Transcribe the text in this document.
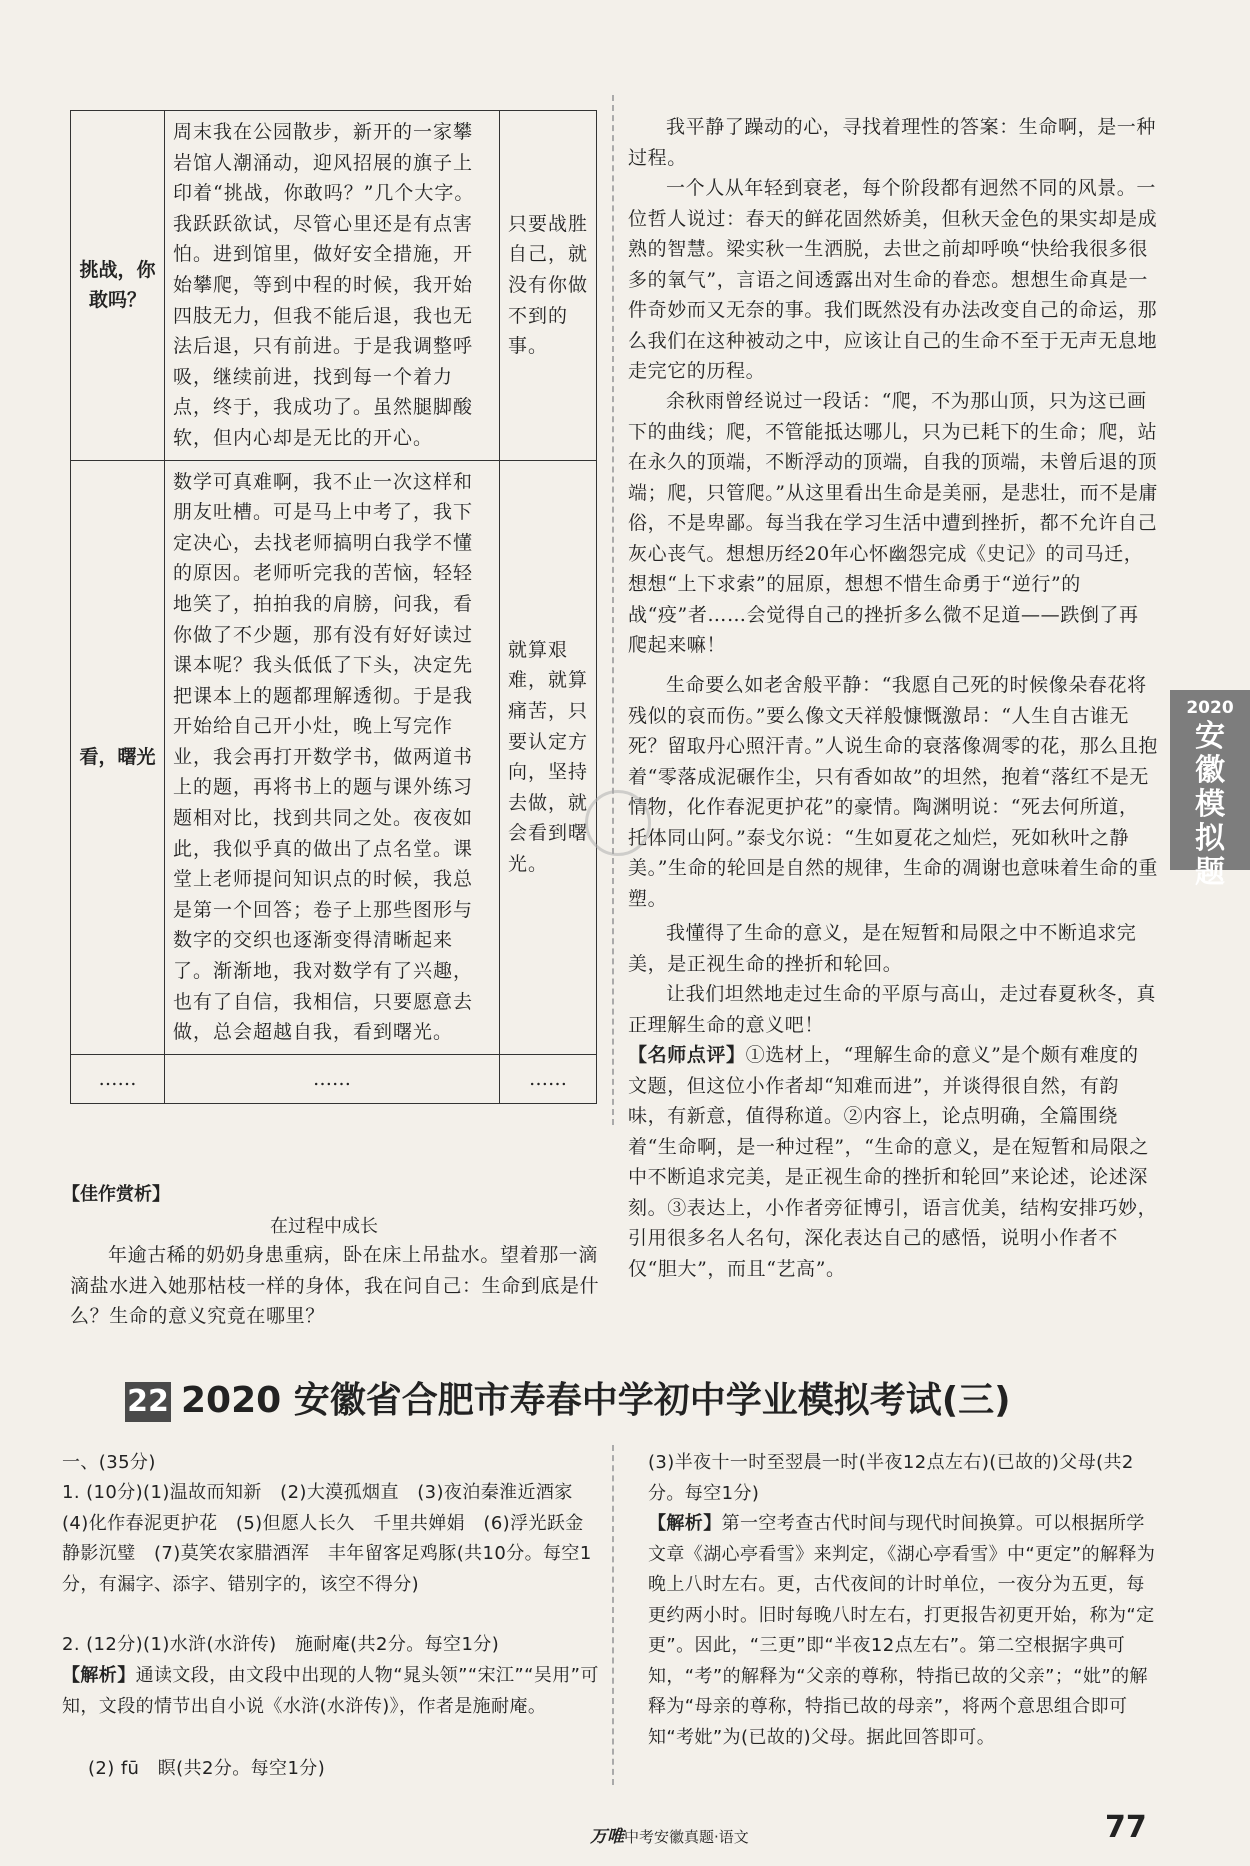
挑战，你敢吗？	周末我在公园散步，新开的一家攀岩馆人潮涌动，迎风招展的旗子上印着“挑战，你敢吗？”几个大字。我跃跃欲试，尽管心里还是有点害怕。进到馆里，做好安全措施，开始攀爬，等到中程的时候，我开始四肢无力，但我不能后退，我也无法后退，只有前进。于是我调整呼吸，继续前进，找到每一个着力点，终于，我成功了。虽然腿脚酸软，但内心却是无比的开心。	只要战胜自己，就没有你做不到的事。
看，曙光	数学可真难啊，我不止一次这样和朋友吐槽。可是马上中考了，我下定决心，去找老师搞明白我学不懂的原因。老师听完我的苦恼，轻轻地笑了，拍拍我的肩膀，问我，看你做了不少题，那有没有好好读过课本呢？我头低低了下头，决定先把课本上的题都理解透彻。于是我开始给自己开小灶，晚上写完作业，我会再打开数学书，做两道书上的题，再将书上的题与课外练习题相对比，找到共同之处。夜夜如此，我似乎真的做出了点名堂。课堂上老师提问知识点的时候，我总是第一个回答；卷子上那些图形与数字的交织也逐渐变得清晰起来了。渐渐地，我对数学有了兴趣，也有了自信，我相信，只要愿意去做，总会超越自我，看到曙光。	就算艰难，就算痛苦，只要认定方向，坚持去做，就会看到曙光。
……	……	……
【佳作赏析】
在过程中成长

年逾古稀的奶奶身患重病，卧在床上吊盐水。望着那一滴滴盐水进入她那枯枝一样的身体，我在问自己：生命到底是什么？生命的意义究竟在哪里？

我平静了躁动的心，寻找着理性的答案：生命啊，是一种过程。

一个人从年轻到衰老，每个阶段都有迥然不同的风景。一位哲人说过：春天的鲜花固然娇美，但秋天金色的果实却是成熟的智慧。梁实秋一生洒脱，去世之前却呼唤“快给我很多很多的氧气”，言语之间透露出对生命的眷恋。想想生命真是一件奇妙而又无奈的事。我们既然没有办法改变自己的命运，那么我们在这种被动之中，应该让自己的生命不至于无声无息地走完它的历程。

余秋雨曾经说过一段话：“爬，不为那山顶，只为这已画下的曲线；爬，不管能抵达哪儿，只为已耗下的生命；爬，站在永久的顶端，不断浮动的顶端，自我的顶端，未曾后退的顶端；爬，只管爬。”从这里看出生命是美丽，是悲壮，而不是庸俗，不是卑鄙。每当我在学习生活中遭到挫折，都不允许自己灰心丧气。想想历经20年心怀幽怨完成《史记》的司马迁，想想“上下求索”的屈原，想想不惜生命勇于“逆行”的战“疫”者……会觉得自己的挫折多么微不足道——跌倒了再爬起来嘛！

生命要么如老舍般平静：“我愿自己死的时候像朵春花将残似的哀而伤。”要么像文天祥般慷慨激昂：“人生自古谁无死？留取丹心照汗青。”人说生命的衰落像凋零的花，那么且抱着“零落成泥碾作尘，只有香如故”的坦然，抱着“落红不是无情物，化作春泥更护花”的豪情。陶渊明说：“死去何所道，托体同山阿。”泰戈尔说：“生如夏花之灿烂，死如秋叶之静美。”生命的轮回是自然的规律，生命的凋谢也意味着生命的重塑。

我懂得了生命的意义，是在短暂和局限之中不断追求完美，是正视生命的挫折和轮回。

让我们坦然地走过生命的平原与高山，走过春夏秋冬，真正理解生命的意义吧！

【名师点评】①选材上，“理解生命的意义”是个颇有难度的文题，但这位小作者却“知难而进”，并谈得很自然，有韵味，有新意，值得称道。②内容上，论点明确，全篇围绕着“生命啊，是一种过程”，“生命的意义，是在短暂和局限之中不断追求完美，是正视生命的挫折和轮回”来论述，论述深刻。③表达上，小作者旁征博引，语言优美，结构安排巧妙，引用很多名人名句，深化表达自己的感悟，说明小作者不仅“胆大”，而且“艺高”。

2020
安徽模拟题
22 2020 安徽省合肥市寿春中学初中学业模拟考试(三)
一、(35分)

1. (10分)(1)温故而知新　(2)大漠孤烟直　(3)夜泊秦淮近酒家　(4)化作春泥更护花　(5)但愿人长久　千里共婵娟　(6)浮光跃金　静影沉璧　(7)莫笑农家腊酒浑　丰年留客足鸡豚(共10分。每空1分，有漏字、添字、错别字的，该空不得分)

2. (12分)(1)水浒(水浒传)　施耐庵(共2分。每空1分)

【解析】通读文段，由文段中出现的人物“晁头领”“宋江”“吴用”可知，文段的情节出自小说《水浒(水浒传)》，作者是施耐庵。

(2) fū　瞑(共2分。每空1分)

(3)半夜十一时至翌晨一时(半夜12点左右)(已故的)父母(共2分。每空1分)

【解析】第一空考查古代时间与现代时间换算。可以根据所学文章《湖心亭看雪》来判定，《湖心亭看雪》中“更定”的解释为晚上八时左右。更，古代夜间的计时单位，一夜分为五更，每更约两小时。旧时每晚八时左右，打更报告初更开始，称为“定更”。因此，“三更”即“半夜12点左右”。第二空根据字典可知，“考”的解释为“父亲的尊称，特指已故的父亲”；“妣”的解释为“母亲的尊称，特指已故的母亲”，将两个意思组合即可知“考妣”为(已故的)父母。据此回答即可。

万唯中考安徽真题·语文	77
